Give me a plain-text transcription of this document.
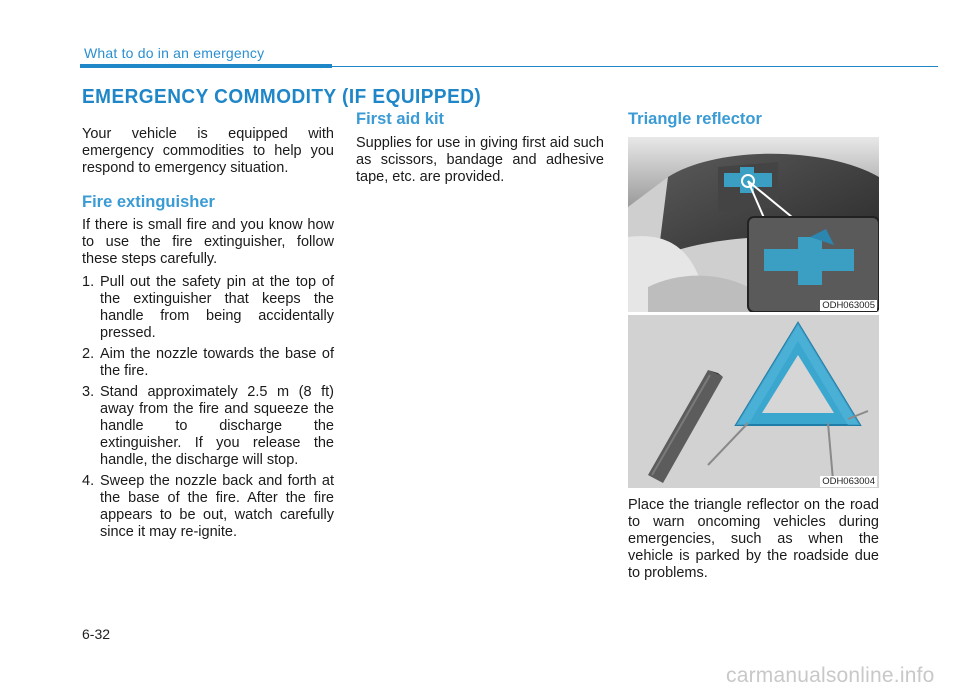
What to do in an emergency
EMERGENCY COMMODITY (IF EQUIPPED)

Your vehicle is equipped with emergency commodities to help you respond to emergency situation.

Fire extinguisher

If there is small fire and you know how to use the fire extinguisher, follow these steps carefully.

1. Pull out the safety pin at the top of the extinguisher that keeps the handle from being accidentally pressed.
2. Aim the nozzle towards the base of the fire.
3. Stand approximately 2.5 m (8 ft) away from the fire and squeeze the handle to discharge the extinguisher. If you release the handle, the discharge will stop.
4. Sweep the nozzle back and forth at the base of the fire. After the fire appears to be out, watch carefully since it may re-ignite.
First aid kit

Supplies for use in giving first aid such as scissors, bandage and adhesive tape, etc. are provided.

Triangle reflector
ODH063005
ODH063004

Place the triangle reflector on the road to warn oncoming vehicles during emergencies, such as when the vehicle is parked by the roadside due to problems.

6-32
carmanualsonline.info
